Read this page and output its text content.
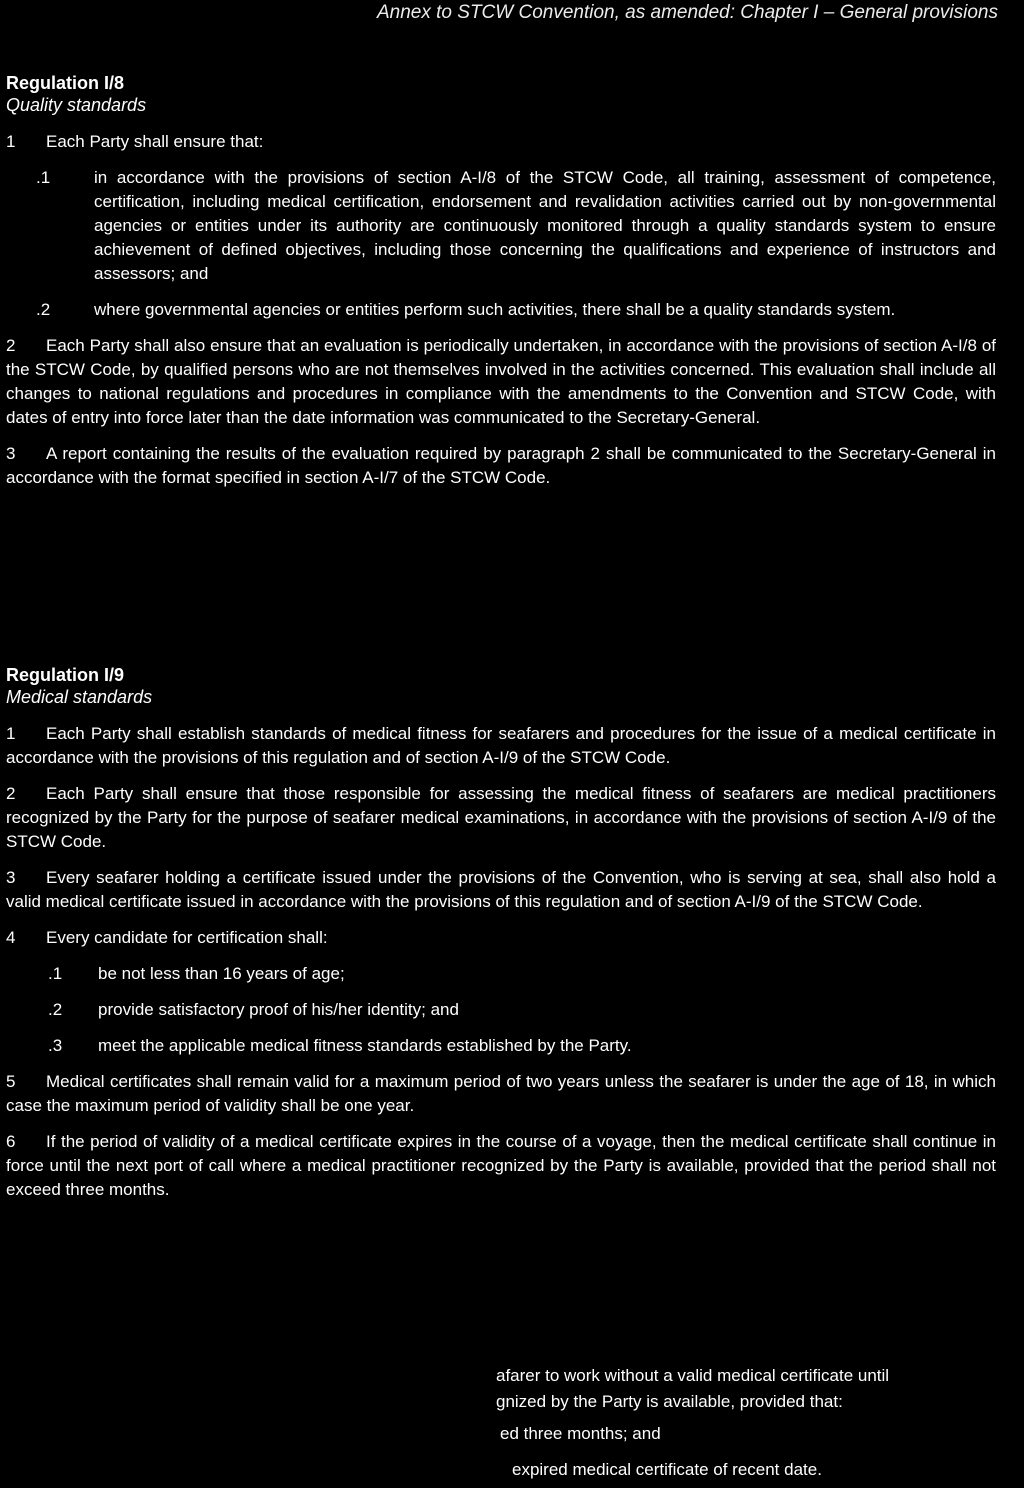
Annex to STCW Convention, as amended: Chapter I – General provisions
Regulation I/8
Quality standards

1 Each Party shall ensure that:

.1	in accordance with the provisions of section A-I/8 of the STCW Code, all training, assessment of competence, certification, including medical certification, endorsement and revalidation activities carried out by non-governmental agencies or entities under its authority are continuously monitored through a quality standards system to ensure achievement of defined objectives, including those concerning the qualifications and experience of instructors and assessors; and
.2	where governmental agencies or entities perform such activities, there shall be a quality standards system.

2 Each Party shall also ensure that an evaluation is periodically undertaken, in accordance with the provisions of section A-I/8 of the STCW Code, by qualified persons who are not themselves involved in the activities concerned. This evaluation shall include all changes to national regulations and procedures in compliance with the amendments to the Convention and STCW Code, with dates of entry into force later than the date information was communicated to the Secretary-General.

3 A report containing the results of the evaluation required by paragraph 2 shall be communicated to the Secretary-General in accordance with the format specified in section A-I/7 of the STCW Code.

Regulation I/9
Medical standards

1 Each Party shall establish standards of medical fitness for seafarers and procedures for the issue of a medical certificate in accordance with the provisions of this regulation and of section A-I/9 of the STCW Code.

2 Each Party shall ensure that those responsible for assessing the medical fitness of seafarers are medical practitioners recognized by the Party for the purpose of seafarer medical examinations, in accordance with the provisions of section A-I/9 of the STCW Code.

3 Every seafarer holding a certificate issued under the provisions of the Convention, who is serving at sea, shall also hold a valid medical certificate issued in accordance with the provisions of this regulation and of section A-I/9 of the STCW Code.

4 Every candidate for certification shall:

.1 be not less than 16 years of age;
.2 provide satisfactory proof of his/her identity; and
.3 meet the applicable medical fitness standards established by the Party.

5 Medical certificates shall remain valid for a maximum period of two years unless the seafarer is under the age of 18, in which case the maximum period of validity shall be one year.

6 If the period of validity of a medical certificate expires in the course of a voyage, then the medical certificate shall continue in force until the next port of call where a medical practitioner recognized by the Party is available, provided that the period shall not exceed three months.

afarer to work without a valid medical certificate until
gnized by the Party is available, provided that:
ed three months; and
expired medical certificate of recent date.
